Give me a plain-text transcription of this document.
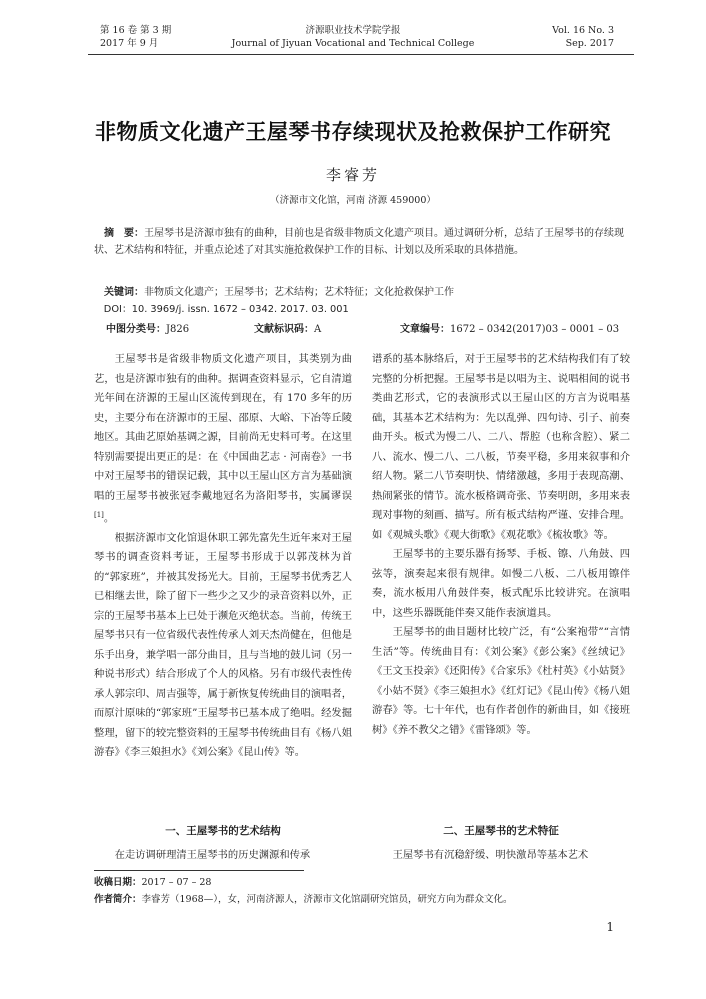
第 16 卷 第 3 期
2017 年 9 月
济源职业技术学院学报
Journal of Jiyuan Vocational and Technical College
Vol. 16 No. 3
Sep. 2017
非物质文化遗产王屋琴书存续现状及抢救保护工作研究
李睿芳
（济源市文化馆，河南 济源 459000）
摘　要：王屋琴书是济源市独有的曲种，目前也是省级非物质文化遗产项目。通过调研分析，总结了王屋琴书的存续现状、艺术结构和特征，并重点论述了对其实施抢救保护工作的目标、计划以及所采取的具体措施。
关键词：非物质文化遗产；王屋琴书；艺术结构；艺术特征；文化抢救保护工作
DOI：10. 3969/j. issn. 1672 – 0342. 2017. 03. 001
中图分类号：J826	文献标识码：A	文章编号：1672 – 0342(2017)03 – 0001 – 03

王屋琴书是省级非物质文化遗产项目，其类别为曲艺，也是济源市独有的曲种。据调查资料显示，它自清道光年间在济源的王屋山区流传到现在，有 170 多年的历史，主要分布在济源市的王屋、邵原、大峪、下冶等丘陵地区。其曲艺原始基调之源，目前尚无史料可考。在这里特别需要提出更正的是：在《中国曲艺志 · 河南卷》一书中对王屋琴书的错误记载，其中以王屋山区方言为基础演唱的王屋琴书被张冠李戴地冠名为洛阳琴书，实属谬误[1]。

根据济源市文化馆退休职工郭先富先生近年来对王屋琴书的调查资料考证，王屋琴书形成于以郭茂林为首的“郭家班”，并被其发扬光大。目前，王屋琴书优秀艺人已相继去世，除了留下一些少之又少的录音资料以外，正宗的王屋琴书基本上已处于濒危灭绝状态。当前，传统王屋琴书只有一位省级代表性传承人刘天杰尚健在，但他是乐手出身，兼学唱一部分曲目，且与当地的鼓儿词（另一种说书形式）结合形成了个人的风格。另有市级代表性传承人郭宗印、周吉强等，属于新恢复传统曲目的演唱者，而原汁原味的“郭家班”王屋琴书已基本成了绝唱。经发掘整理，留下的较完整资料的王屋琴书传统曲目有《杨八姐游春》《李三娘担水》《刘公案》《昆山传》等。

一、王屋琴书的艺术结构

在走访调研理清王屋琴书的历史渊源和传承

谱系的基本脉络后，对于王屋琴书的艺术结构我们有了较完整的分析把握。王屋琴书是以唱为主、说唱相间的说书类曲艺形式，它的表演形式以王屋山区的方言为说唱基础，其基本艺术结构为：先以乱弹、四句诗、引子、前奏曲开头。板式为慢二八、二八、帮腔（也称含腔）、紧二八、流水、慢二八、二八板，节奏平稳，多用来叙事和介绍人物。紧二八节奏明快、情绪激越，多用于表现高潮、热闹紧张的情节。流水板格调奇张、节奏明朗，多用来表现对事物的刻画、描写。所有板式结构严谨、安排合理。如《观城头歌》《观大街歌》《观花歌》《梳妆歌》等。

王屋琴书的主要乐器有扬琴、手板、镲、八角鼓、四弦等，演奏起来很有规律。如慢二八板、二八板用镲伴奏，流水板用八角鼓伴奏，板式配乐比较讲究。在演唱中，这些乐器既能伴奏又能作表演道具。

王屋琴书的曲目题材比较广泛，有“公案袍带”“言情生活”等。传统曲目有：《刘公案》《彭公案》《丝绒记》《王文玉投亲》《还阳传》《合家乐》《杜村英》《小姑贤》《小姑不贤》《李三娘担水》《红灯记》《昆山传》《杨八姐游春》等。七十年代，也有作者创作的新曲目，如《接班树》《养不教父之错》《雷锋颂》等。

二、王屋琴书的艺术特征

王屋琴书有沉稳舒缓、明快激昂等基本艺术

收稿日期：2017 – 07 – 28
作者简介：李睿芳（1968—），女，河南济源人，济源市文化馆副研究馆员，研究方向为群众文化。
1
